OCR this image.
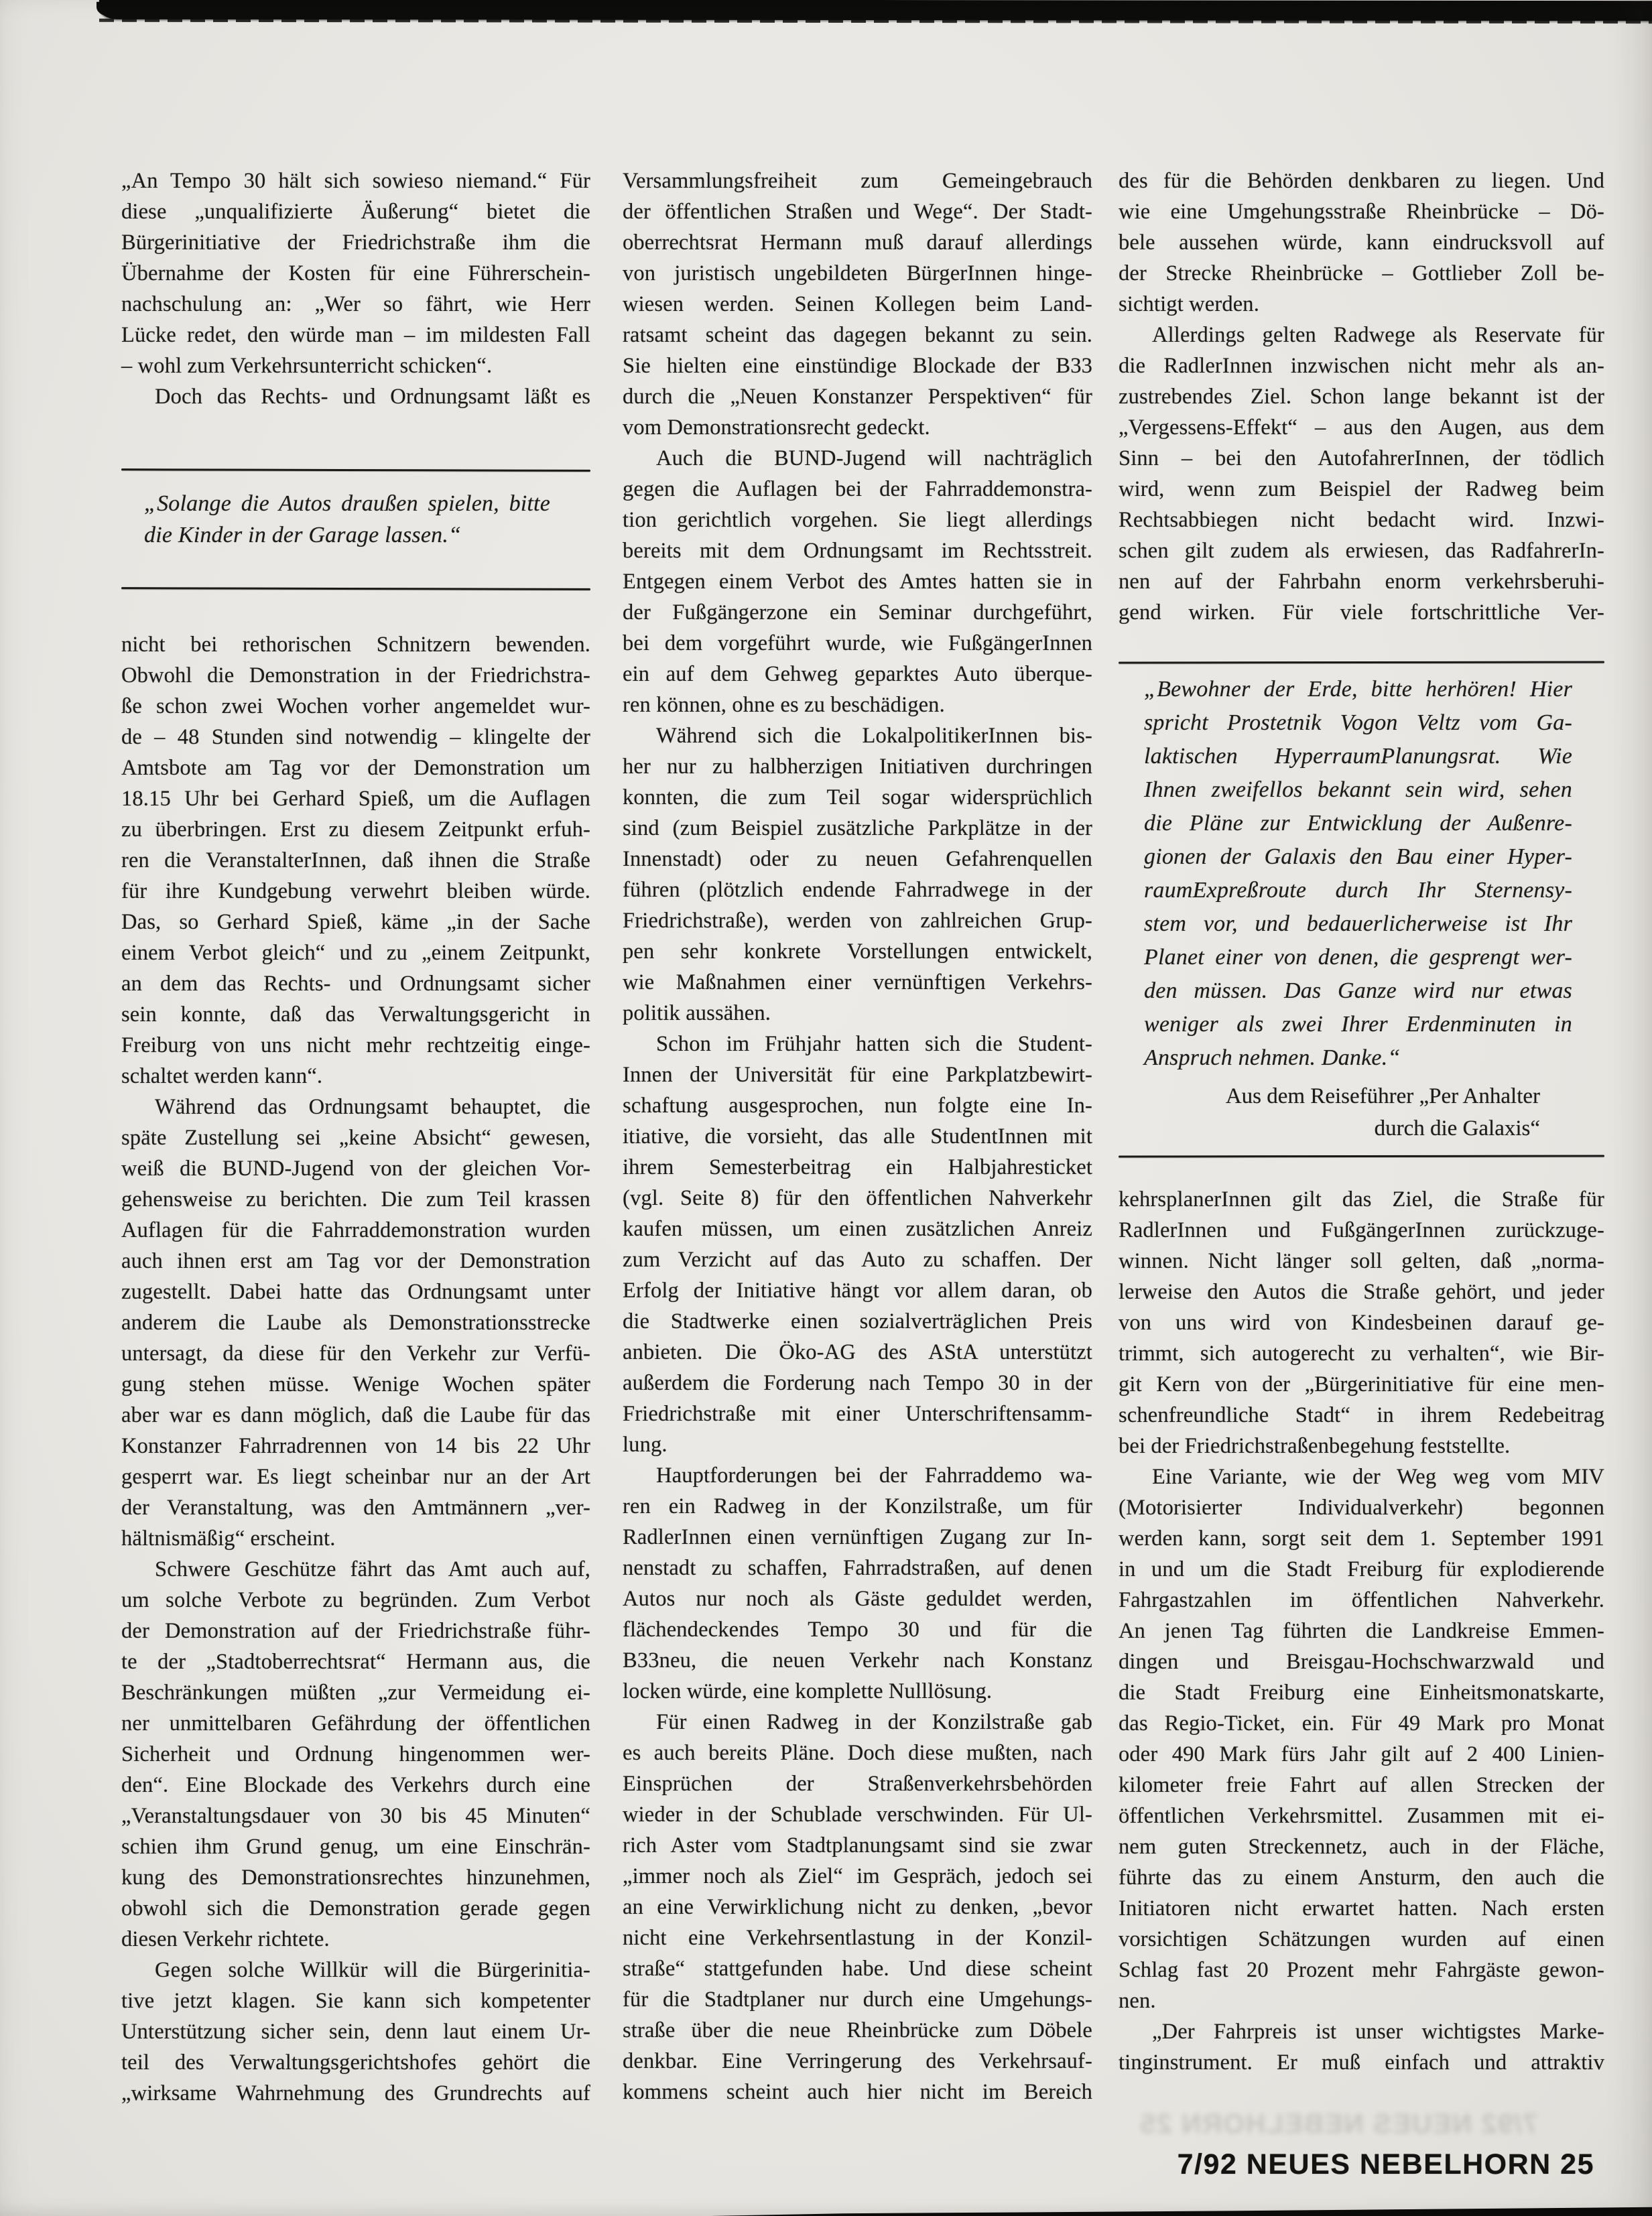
„An Tempo 30 hält sich sowieso niemand.“ Für
diese „unqualifizierte Äußerung“ bietet die
Bürgerinitiative der Friedrichstraße ihm die
Übernahme der Kosten für eine Führerschein-
nachschulung an: „Wer so fährt, wie Herr
Lücke redet, den würde man – im mildesten Fall
– wohl zum Verkehrsunterricht schicken“.
Doch das Rechts- und Ordnungsamt läßt es
„Solange die Autos draußen spielen, bitte
die Kinder in der Garage lassen.“
nicht bei rethorischen Schnitzern bewenden.
Obwohl die Demonstration in der Friedrichstra-
ße schon zwei Wochen vorher angemeldet wur-
de – 48 Stunden sind notwendig – klingelte der
Amtsbote am Tag vor der Demonstration um
18.15 Uhr bei Gerhard Spieß, um die Auflagen
zu überbringen. Erst zu diesem Zeitpunkt erfuh-
ren die VeranstalterInnen, daß ihnen die Straße
für ihre Kundgebung verwehrt bleiben würde.
Das, so Gerhard Spieß, käme „in der Sache
einem Verbot gleich“ und zu „einem Zeitpunkt,
an dem das Rechts- und Ordnungsamt sicher
sein konnte, daß das Verwaltungsgericht in
Freiburg von uns nicht mehr rechtzeitig einge-
schaltet werden kann“.
Während das Ordnungsamt behauptet, die
späte Zustellung sei „keine Absicht“ gewesen,
weiß die BUND-Jugend von der gleichen Vor-
gehensweise zu berichten. Die zum Teil krassen
Auflagen für die Fahrraddemonstration wurden
auch ihnen erst am Tag vor der Demonstration
zugestellt. Dabei hatte das Ordnungsamt unter
anderem die Laube als Demonstrationsstrecke
untersagt, da diese für den Verkehr zur Verfü-
gung stehen müsse. Wenige Wochen später
aber war es dann möglich, daß die Laube für das
Konstanzer Fahrradrennen von 14 bis 22 Uhr
gesperrt war. Es liegt scheinbar nur an der Art
der Veranstaltung, was den Amtmännern „ver-
hältnismäßig“ erscheint.
Schwere Geschütze fährt das Amt auch auf,
um solche Verbote zu begründen. Zum Verbot
der Demonstration auf der Friedrichstraße führ-
te der „Stadtoberrechtsrat“ Hermann aus, die
Beschränkungen müßten „zur Vermeidung ei-
ner unmittelbaren Gefährdung der öffentlichen
Sicherheit und Ordnung hingenommen wer-
den“. Eine Blockade des Verkehrs durch eine
„Veranstaltungsdauer von 30 bis 45 Minuten“
schien ihm Grund genug, um eine Einschrän-
kung des Demonstrationsrechtes hinzunehmen,
obwohl sich die Demonstration gerade gegen
diesen Verkehr richtete.
Gegen solche Willkür will die Bürgerinitia-
tive jetzt klagen. Sie kann sich kompetenter
Unterstützung sicher sein, denn laut einem Ur-
teil des Verwaltungsgerichtshofes gehört die
„wirksame Wahrnehmung des Grundrechts auf
Versammlungsfreiheit zum Gemeingebrauch
der öffentlichen Straßen und Wege“. Der Stadt-
oberrechtsrat Hermann muß darauf allerdings
von juristisch ungebildeten BürgerInnen hinge-
wiesen werden. Seinen Kollegen beim Land-
ratsamt scheint das dagegen bekannt zu sein.
Sie hielten eine einstündige Blockade der B33
durch die „Neuen Konstanzer Perspektiven“ für
vom Demonstrationsrecht gedeckt.
Auch die BUND-Jugend will nachträglich
gegen die Auflagen bei der Fahrraddemonstra-
tion gerichtlich vorgehen. Sie liegt allerdings
bereits mit dem Ordnungsamt im Rechtsstreit.
Entgegen einem Verbot des Amtes hatten sie in
der Fußgängerzone ein Seminar durchgeführt,
bei dem vorgeführt wurde, wie FußgängerInnen
ein auf dem Gehweg geparktes Auto überque-
ren können, ohne es zu beschädigen.
Während sich die LokalpolitikerInnen bis-
her nur zu halbherzigen Initiativen durchringen
konnten, die zum Teil sogar widersprüchlich
sind (zum Beispiel zusätzliche Parkplätze in der
Innenstadt) oder zu neuen Gefahrenquellen
führen (plötzlich endende Fahrradwege in der
Friedrichstraße), werden von zahlreichen Grup-
pen sehr konkrete Vorstellungen entwickelt,
wie Maßnahmen einer vernünftigen Verkehrs-
politik aussähen.
Schon im Frühjahr hatten sich die Student-
Innen der Universität für eine Parkplatzbewirt-
schaftung ausgesprochen, nun folgte eine In-
itiative, die vorsieht, das alle StudentInnen mit
ihrem Semesterbeitrag ein Halbjahresticket
(vgl. Seite 8) für den öffentlichen Nahverkehr
kaufen müssen, um einen zusätzlichen Anreiz
zum Verzicht auf das Auto zu schaffen. Der
Erfolg der Initiative hängt vor allem daran, ob
die Stadtwerke einen sozialverträglichen Preis
anbieten. Die Öko-AG des AStA unterstützt
außerdem die Forderung nach Tempo 30 in der
Friedrichstraße mit einer Unterschriftensamm-
lung.
Hauptforderungen bei der Fahrraddemo wa-
ren ein Radweg in der Konzilstraße, um für
RadlerInnen einen vernünftigen Zugang zur In-
nenstadt zu schaffen, Fahrradstraßen, auf denen
Autos nur noch als Gäste geduldet werden,
flächendeckendes Tempo 30 und für die
B33neu, die neuen Verkehr nach Konstanz
locken würde, eine komplette Nulllösung.
Für einen Radweg in der Konzilstraße gab
es auch bereits Pläne. Doch diese mußten, nach
Einsprüchen der Straßenverkehrsbehörden
wieder in der Schublade verschwinden. Für Ul-
rich Aster vom Stadtplanungsamt sind sie zwar
„immer noch als Ziel“ im Gespräch, jedoch sei
an eine Verwirklichung nicht zu denken, „bevor
nicht eine Verkehrsentlastung in der Konzil-
straße“ stattgefunden habe. Und diese scheint
für die Stadtplaner nur durch eine Umgehungs-
straße über die neue Rheinbrücke zum Döbele
denkbar. Eine Verringerung des Verkehrsauf-
kommens scheint auch hier nicht im Bereich
des für die Behörden denkbaren zu liegen. Und
wie eine Umgehungsstraße Rheinbrücke – Dö-
bele aussehen würde, kann eindrucksvoll auf
der Strecke Rheinbrücke – Gottlieber Zoll be-
sichtigt werden.
Allerdings gelten Radwege als Reservate für
die RadlerInnen inzwischen nicht mehr als an-
zustrebendes Ziel. Schon lange bekannt ist der
„Vergessens-Effekt“ – aus den Augen, aus dem
Sinn – bei den AutofahrerInnen, der tödlich
wird, wenn zum Beispiel der Radweg beim
Rechtsabbiegen nicht bedacht wird. Inzwi-
schen gilt zudem als erwiesen, das RadfahrerIn-
nen auf der Fahrbahn enorm verkehrsberuhi-
gend wirken. Für viele fortschrittliche Ver-
„Bewohner der Erde, bitte herhören! Hier
spricht Prostetnik Vogon Veltz vom Ga-
laktischen HyperraumPlanungsrat. Wie
Ihnen zweifellos bekannt sein wird, sehen
die Pläne zur Entwicklung der Außenre-
gionen der Galaxis den Bau einer Hyper-
raumExpreßroute durch Ihr Sternensy-
stem vor, und bedauerlicherweise ist Ihr
Planet einer von denen, die gesprengt wer-
den müssen. Das Ganze wird nur etwas
weniger als zwei Ihrer Erdenminuten in
Anspruch nehmen. Danke.“
Aus dem Reiseführer „Per Anhalter
durch die Galaxis“
kehrsplanerInnen gilt das Ziel, die Straße für
RadlerInnen und FußgängerInnen zurückzuge-
winnen. Nicht länger soll gelten, daß „norma-
lerweise den Autos die Straße gehört, und jeder
von uns wird von Kindesbeinen darauf ge-
trimmt, sich autogerecht zu verhalten“, wie Bir-
git Kern von der „Bürgerinitiative für eine men-
schenfreundliche Stadt“ in ihrem Redebeitrag
bei der Friedrichstraßenbegehung feststellte.
Eine Variante, wie der Weg weg vom MIV
(Motorisierter Individualverkehr) begonnen
werden kann, sorgt seit dem 1. September 1991
in und um die Stadt Freiburg für explodierende
Fahrgastzahlen im öffentlichen Nahverkehr.
An jenen Tag führten die Landkreise Emmen-
dingen und Breisgau-Hochschwarzwald und
die Stadt Freiburg eine Einheitsmonatskarte,
das Regio-Ticket, ein. Für 49 Mark pro Monat
oder 490 Mark fürs Jahr gilt auf 2 400 Linien-
kilometer freie Fahrt auf allen Strecken der
öffentlichen Verkehrsmittel. Zusammen mit ei-
nem guten Streckennetz, auch in der Fläche,
führte das zu einem Ansturm, den auch die
Initiatoren nicht erwartet hatten. Nach ersten
vorsichtigen Schätzungen wurden auf einen
Schlag fast 20 Prozent mehr Fahrgäste gewon-
nen.
„Der Fahrpreis ist unser wichtigstes Marke-
tinginstrument. Er muß einfach und attraktiv
7/92 NEUES NEBELHORN 25
7/92 NEUES NEBELHORN 25
